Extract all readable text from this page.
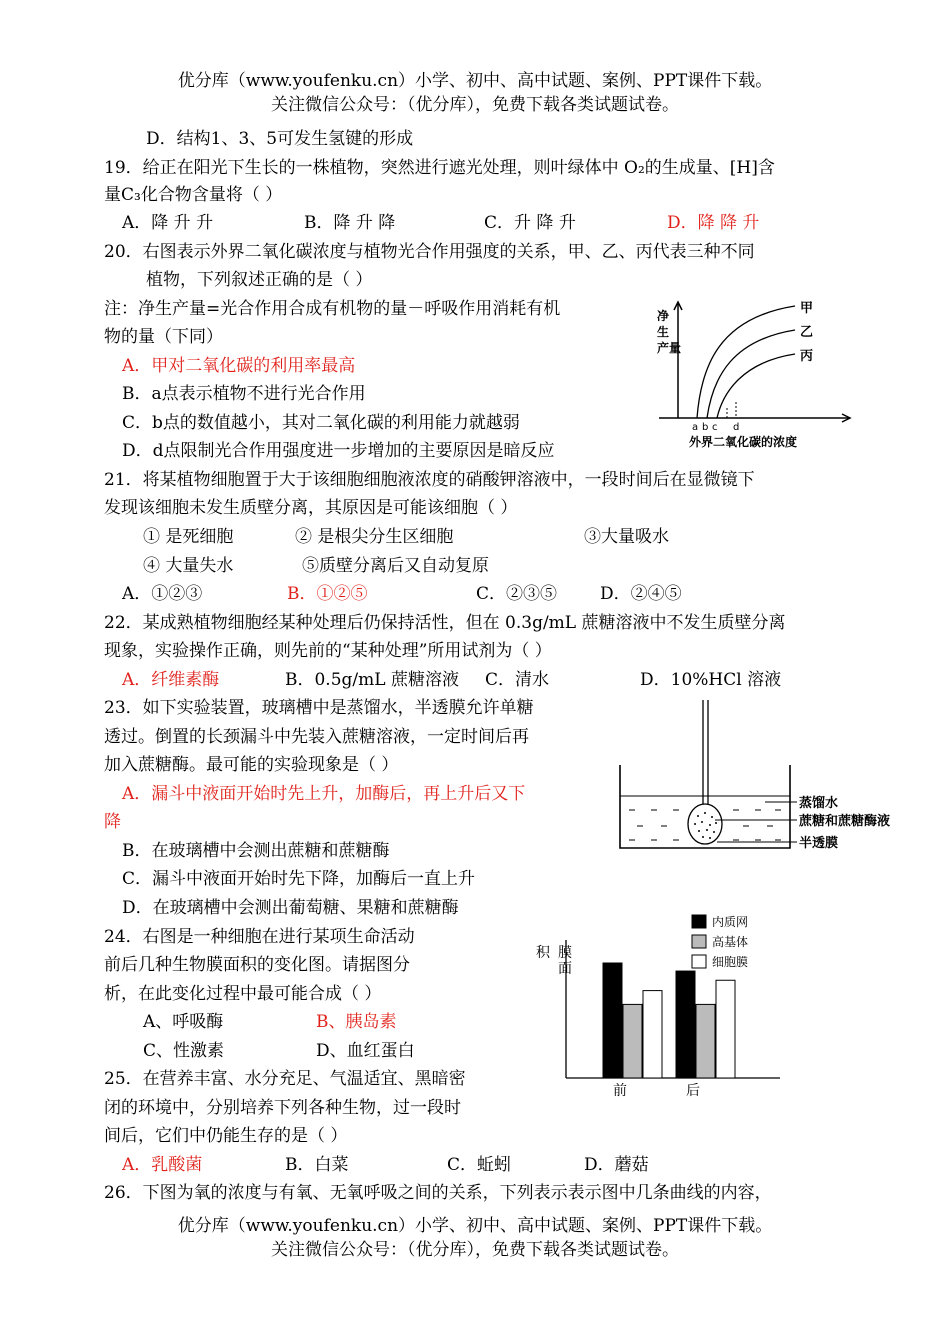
优分库（www.youfenku.cn）小学、初中、高中试题、案例、PPT课件下载。
关注微信公众号：（优分库），免费下载各类试题试卷。
D．结构1、3、5可发生氢键的形成
19．给正在阳光下生长的一株植物，突然进行遮光处理，则叶绿体中 O₂的生成量、[H]含
量C₃化合物含量将（ ）
A．降 升 升	B．降 升 降	C．升 降 升	D．降 降 升
20．右图表示外界二氧化碳浓度与植物光合作用强度的关系，甲、乙、丙代表三种不同
植物，下列叙述正确的是（ ）
注：净生产量=光合作用合成有机物的量－呼吸作用消耗有机
物的量（下同）
A．甲对二氧化碳的利用率最高
B．a点表示植物不进行光合作用
C．b点的数值越小，其对二氧化碳的利用能力就越弱
D．d点限制光合作用强度进一步增加的主要原因是暗反应
净
生
产量
甲
乙
丙
a b c d
外界二氧化碳的浓度
21．将某植物细胞置于大于该细胞细胞液浓度的硝酸钾溶液中，一段时间后在显微镜下
发现该细胞未发生质壁分离，其原因是可能该细胞（ ）
① 是死细胞	② 是根尖分生区细胞	③大量吸水
④ 大量失水	⑤质壁分离后又自动复原
A．①②③	B．①②⑤	C．②③⑤	D．②④⑤
22．某成熟植物细胞经某种处理后仍保持活性，但在 0.3g/mL 蔗糖溶液中不发生质壁分离
现象，实验操作正确，则先前的“某种处理”所用试剂为（ ）
A．纤维素酶	B．0.5g/mL 蔗糖溶液 C．清水	D．10%HCl 溶液
23．如下实验装置，玻璃槽中是蒸馏水，半透膜允许单糖
透过。倒置的长颈漏斗中先装入蔗糖溶液，一定时间后再
加入蔗糖酶。最可能的实验现象是（ ）
A．漏斗中液面开始时先上升，加酶后，再上升后又下
降
B．在玻璃槽中会测出蔗糖和蔗糖酶
C．漏斗中液面开始时先下降，加酶后一直上升
D．在玻璃槽中会测出葡萄糖、果糖和蔗糖酶
蒸馏水
蔗糖和蔗糖酶液
半透膜
24．右图是一种细胞在进行某项生命活动
前后几种生物膜面积的变化图。请据图分
析，在此变化过程中最可能合成（ ）
A、呼吸酶	B、胰岛素
C、性激素	D、血红蛋白
内质网
高基体
细胞膜
积 膜
面
前	后
25．在营养丰富、水分充足、气温适宜、黑暗密
闭的环境中，分别培养下列各种生物，过一段时
间后，它们中仍能生存的是（ ）
A．乳酸菌	B．白菜	C．蚯蚓	D．蘑菇
26．下图为氧的浓度与有氧、无氧呼吸之间的关系，下列表示表示图中几条曲线的内容，
优分库（www.youfenku.cn）小学、初中、高中试题、案例、PPT课件下载。
关注微信公众号：（优分库），免费下载各类试题试卷。
